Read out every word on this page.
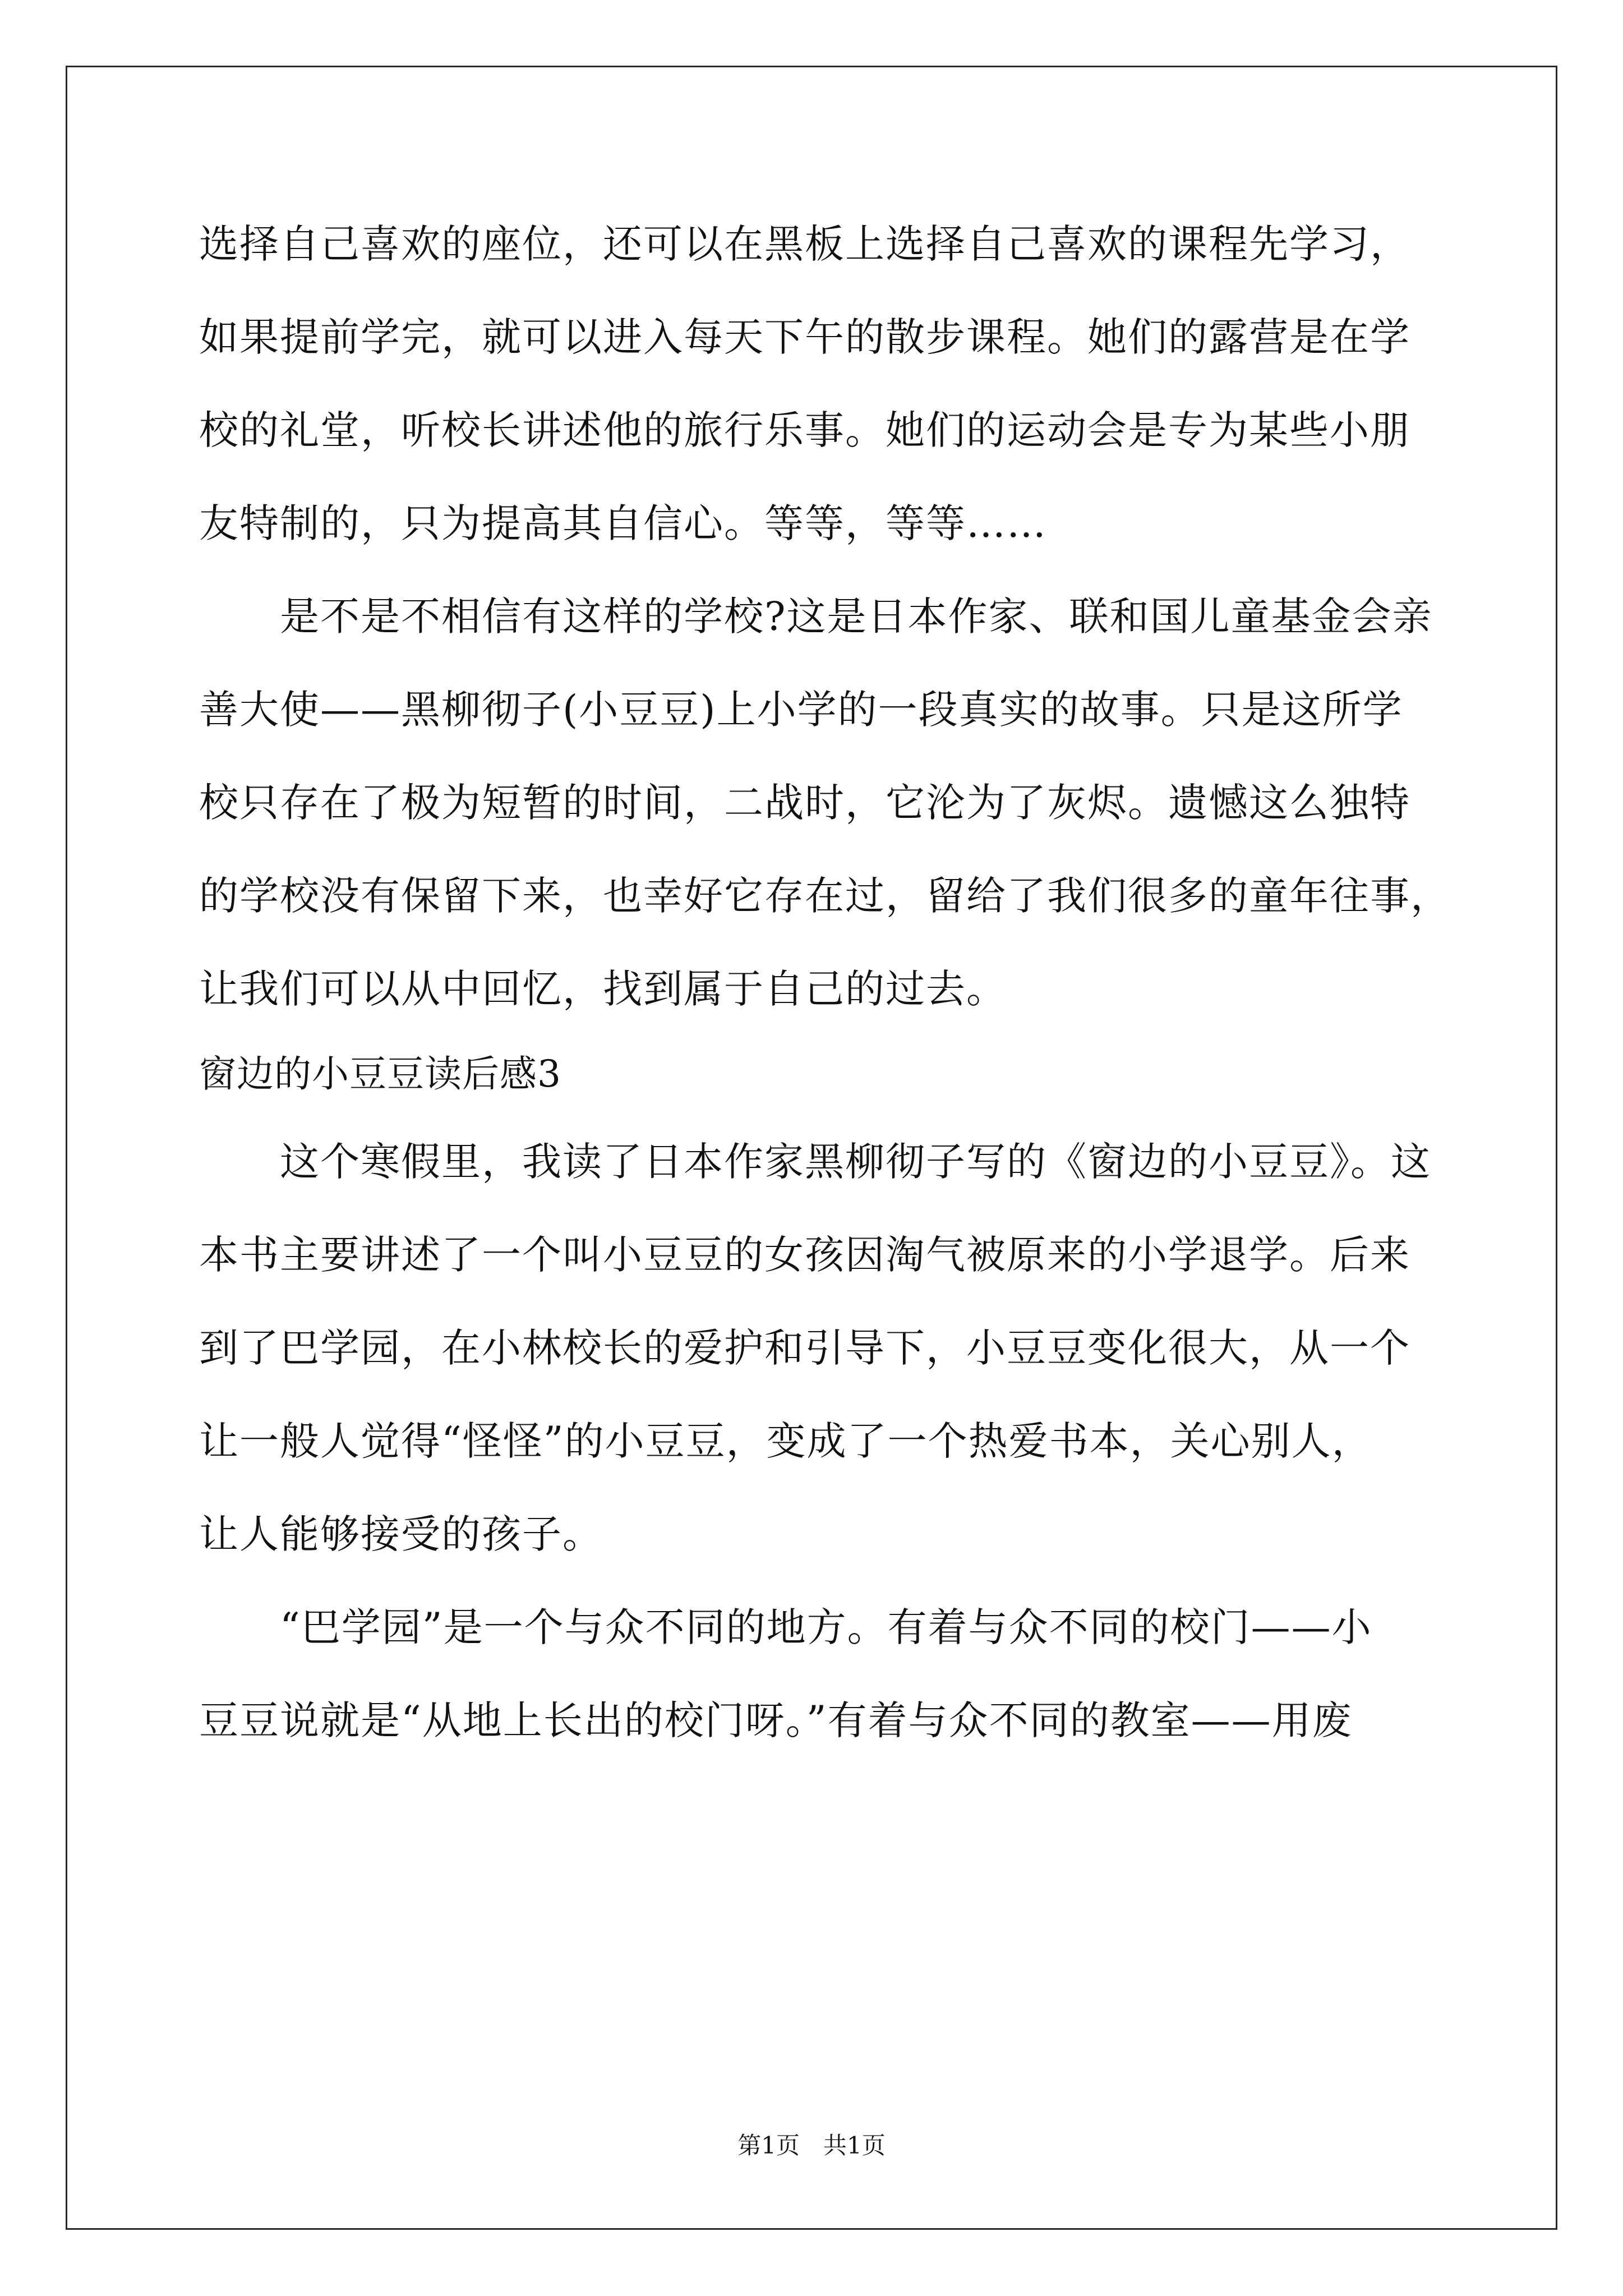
选择自己喜欢的座位，还可以在黑板上选择自己喜欢的课程先学习，
如果提前学完，就可以进入每天下午的散步课程。她们的露营是在学
校的礼堂，听校长讲述他的旅行乐事。她们的运动会是专为某些小朋
友特制的，只为提高其自信心。等等，等等……
　　是不是不相信有这样的学校?这是日本作家、联和国儿童基金会亲
善大使——黑柳彻子(小豆豆)上小学的一段真实的故事。只是这所学
校只存在了极为短暂的时间，二战时，它沦为了灰烬。遗憾这么独特
的学校没有保留下来，也幸好它存在过，留给了我们很多的童年往事，
让我们可以从中回忆，找到属于自己的过去。
窗边的小豆豆读后感3
　　这个寒假里，我读了日本作家黑柳彻子写的《窗边的小豆豆》。这
本书主要讲述了一个叫小豆豆的女孩因淘气被原来的小学退学。后来
到了巴学园，在小林校长的爱护和引导下，小豆豆变化很大，从一个
让一般人觉得“怪怪”的小豆豆，变成了一个热爱书本，关心别人，
让人能够接受的孩子。
　　“巴学园”是一个与众不同的地方。有着与众不同的校门——小
豆豆说就是“从地上长出的校门呀。”有着与众不同的教室——用废
第1页　共1页
